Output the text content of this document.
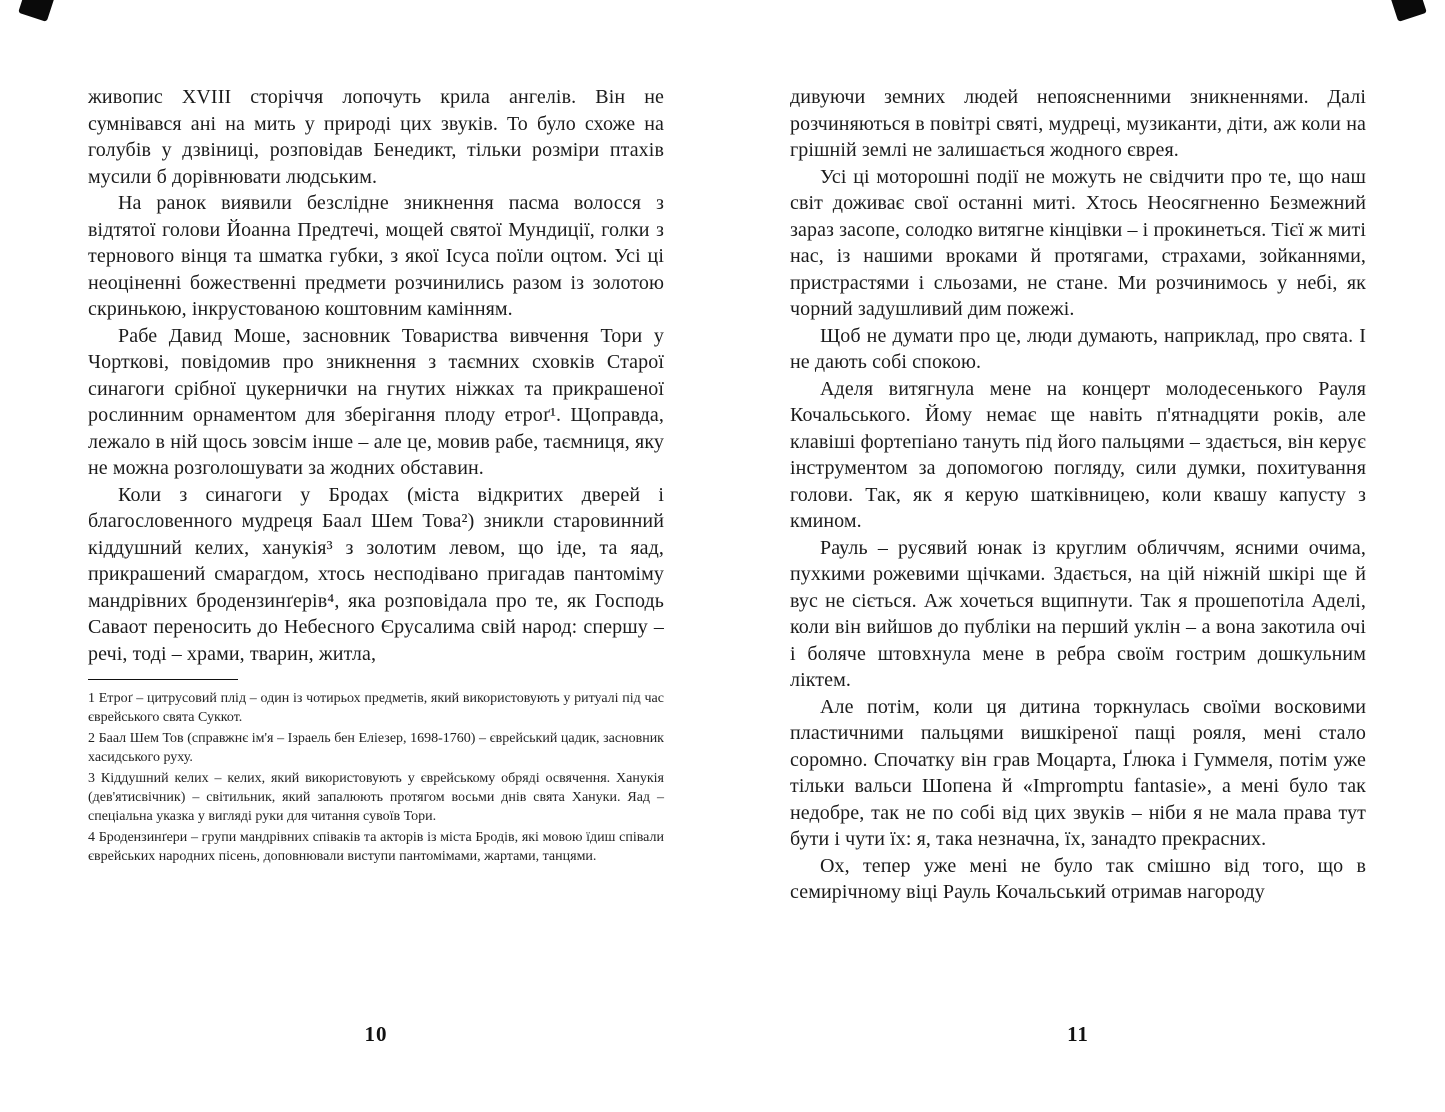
живопис XVIII сторіччя лопочуть крила ангелів. Він не сумнівався ані на мить у природі цих звуків. То було схоже на голубів у дзвіниці, розповідав Бенедикт, тільки розміри птахів мусили б дорівнювати людським.

На ранок виявили безслідне зникнення пасма волосся з відтятої голови Йоанна Предтечі, мощей святої Мундиції, голки з тернового вінця та шматка губки, з якої Ісуса поїли оцтом. Усі ці неоціненні божественні предмети розчинились разом із золотою скринькою, інкрустованою коштовним камінням.

Рабе Давид Моше, засновник Товариства вивчення Тори у Чорткові, повідомив про зникнення з таємних сховків Старої синагоги срібної цукернички на гнутих ніжках та прикрашеної рослинним орнаментом для зберігання плоду етроґ¹. Щоправда, лежало в ній щось зовсім інше – але це, мовив рабе, таємниця, яку не можна розголошувати за жодних обставин.

Коли з синагоги у Бродах (міста відкритих дверей і благословенного мудреця Баал Шем Това²) зникли старовинний кіддушний келих, ханукія³ з золотим левом, що іде, та яад, прикрашений смарагдом, хтось несподівано пригадав пантоміму мандрівних бродензинґерів⁴, яка розповідала про те, як Господь Саваот переносить до Небесного Єрусалима свій народ: спершу – речі, тоді – храми, тварин, житла,

1 Етроґ – цитрусовий плід – один із чотирьох предметів, який використовують у ритуалі під час єврейського свята Суккот.

2 Баал Шем Тов (справжнє ім'я – Ізраель бен Еліезер, 1698-1760) – єврейський цадик, засновник хасидського руху.

3 Кіддушний келих – келих, який використовують у єврейському обряді освячення. Ханукія (дев'ятисвічник) – світильник, який запалюють протягом восьми днів свята Хануки. Яад – спеціальна указка у вигляді руки для читання сувоїв Тори.

4 Бродензинґери – групи мандрівних співаків та акторів із міста Бродів, які мовою їдиш співали єврейських народних пісень, доповнювали виступи пантомімами, жартами, танцями.

10

дивуючи земних людей непоясненними зникненнями. Далі розчиняються в повітрі святі, мудреці, музиканти, діти, аж коли на грішній землі не залишається жодного єврея.

Усі ці моторошні події не можуть не свідчити про те, що наш світ доживає свої останні миті. Хтось Неосягненно Безмежний зараз засопе, солодко витягне кінцівки – і прокинеться. Тієї ж миті нас, із нашими вроками й протягами, страхами, зойканнями, пристрастями і сльозами, не стане. Ми розчинимось у небі, як чорний задушливий дим пожежі.

Щоб не думати про це, люди думають, наприклад, про свята. І не дають собі спокою.

Аделя витягнула мене на концерт молодесенького Рауля Кочальського. Йому немає ще навіть п'ятнадцяти років, але клавіші фортепіано тануть під його пальцями – здається, він керує інструментом за допомогою погляду, сили думки, похитування голови. Так, як я керую шатківницею, коли квашу капусту з кмином.

Рауль – русявий юнак із круглим обличчям, ясними очима, пухкими рожевими щічками. Здається, на цій ніжній шкірі ще й вус не сіється. Аж хочеться вщипнути. Так я прошепотіла Аделі, коли він вийшов до публіки на перший уклін – а вона закотила очі і боляче штовхнула мене в ребра своїм гострим дошкульним ліктем.

Але потім, коли ця дитина торкнулась своїми восковими пластичними пальцями вишкіреної пащі рояля, мені стало соромно. Спочатку він грав Моцарта, Ґлюка і Гуммеля, потім уже тільки вальси Шопена й «Impromptu fantasie», а мені було так недобре, так не по собі від цих звуків – ніби я не мала права тут бути і чути їх: я, така незначна, їх, занадто прекрасних.

Ох, тепер уже мені не було так смішно від того, що в семирічному віці Рауль Кочальський отримав нагороду

11
